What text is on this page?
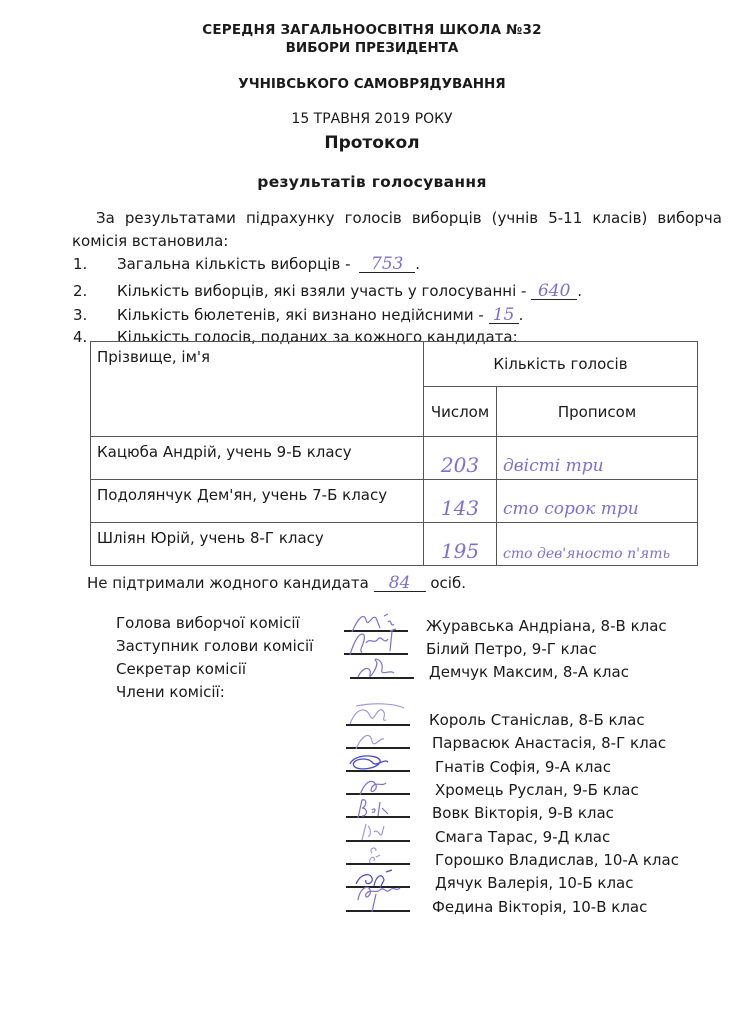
СЕРЕДНЯ ЗАГАЛЬНООСВІТНЯ ШКОЛА №32
ВИБОРИ ПРЕЗИДЕНТА
УЧНІВСЬКОГО САМОВРЯДУВАННЯ
15 ТРАВНЯ 2019 РОКУ
Протокол
результатів голосування
За результатами підрахунку голосів виборців (учнів 5-11 класів) виборча
комісія встановила:
1. Загальна кількість виборців - 753 .
2. Кількість виборців, які взяли участь у голосуванні - 640 .
3. Кількість бюлетенів, які визнано недійсними - 15 .
4. Кількість голосів, поданих за кожного кандидата:
Прізвище, ім'я	Кількість голосів	
	Числом	Прописом
Кацюба Андрій, учень 9-Б класу	203	двісті три
Подолянчук Дем'ян, учень 7-Б класу	143	сто сорок три
Шліян Юрій, учень 8-Г класу	195	сто дев'яносто п'ять
Не підтримали жодного кандидата 84 осіб.
Голова виборчої комісії
Заступник голови комісії
Секретар комісії
Члени комісії:
Журавська Андріана, 8-В клас
Білий Петро, 9-Г клас
Демчук Максим, 8-А клас
Король Станіслав, 8-Б клас
Парвасюк Анастасія, 8-Г клас
Гнатів Софія, 9-А клас
Хромець Руслан, 9-Б клас
Вовк Вікторія, 9-В клас
Смага Тарас, 9-Д клас
Горошко Владислав, 10-А клас
Дячук Валерія, 10-Б клас
Федина Вікторія, 10-В клас
